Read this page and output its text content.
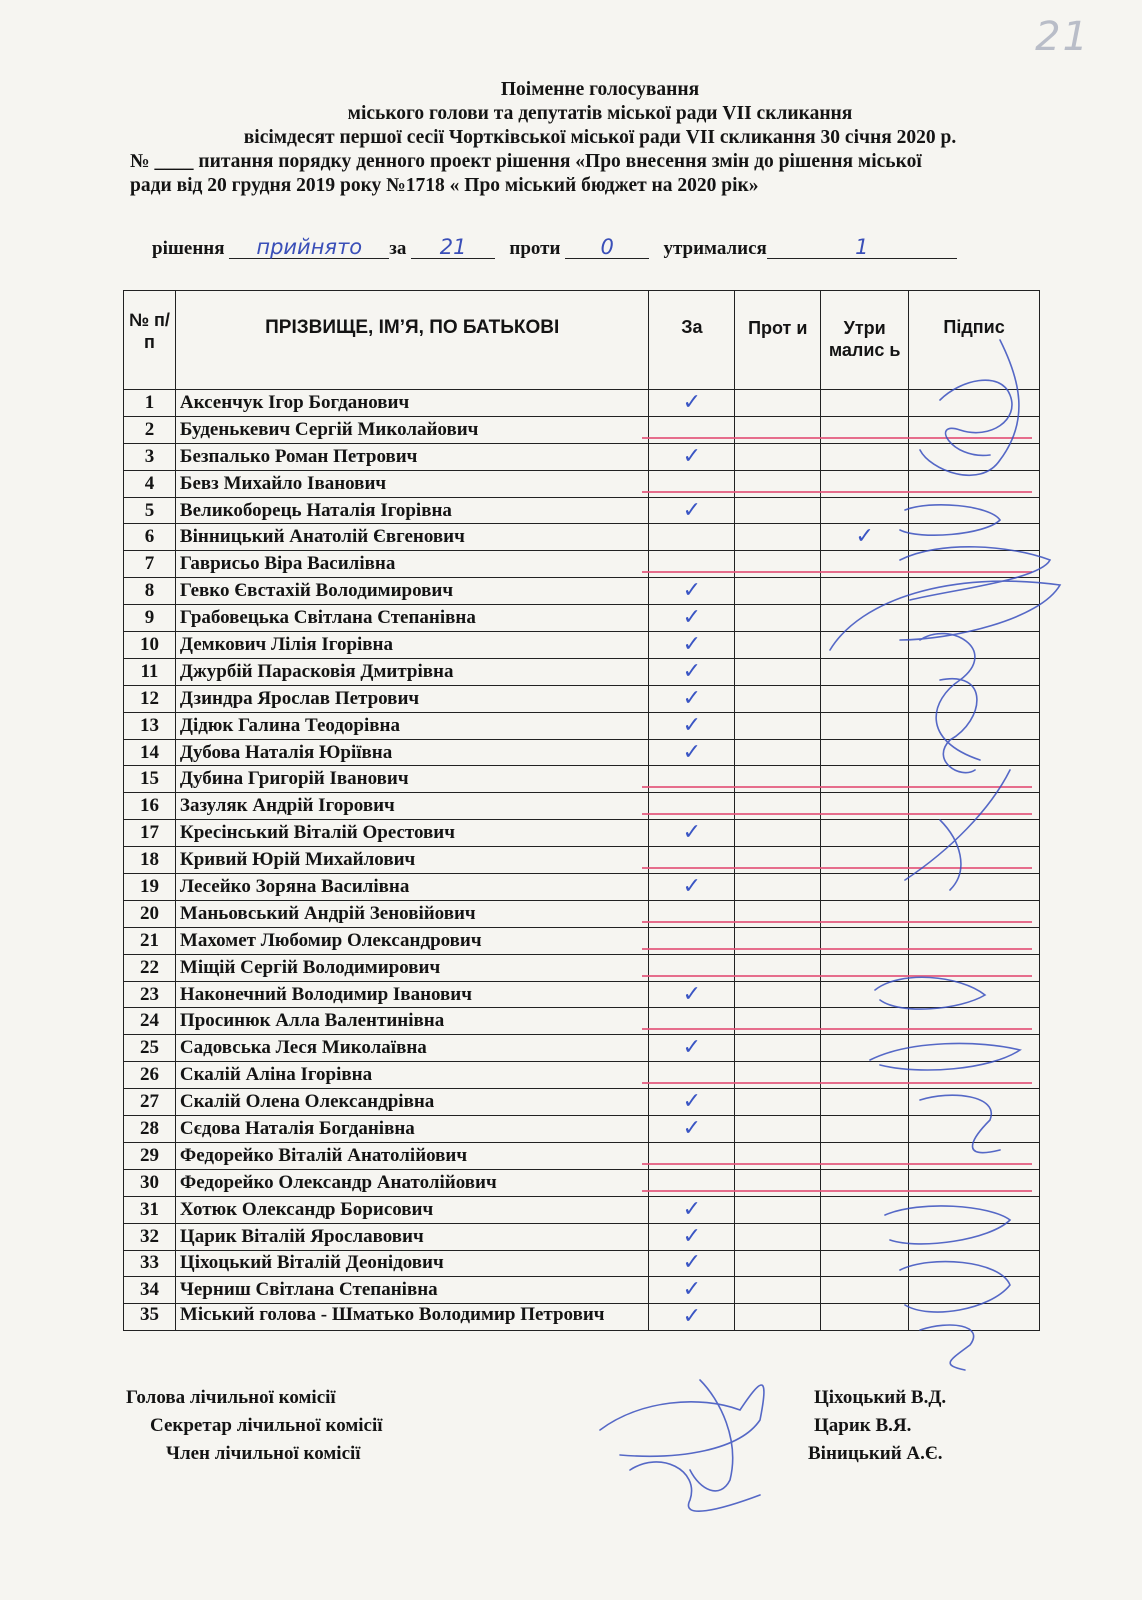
21
Поіменне голосування
міського голови та депутатів міської ради VII скликання
вісімдесят першої сесії Чортківської міської ради VII скликання 30 січня 2020 р.
№ ____ питання порядку денного проект рішення «Про внесення змін до рішення міської
ради від 20 грудня 2019 року №1718 « Про міський бюджет на 2020 рік»
рішення прийнято за 21 проти 0	утрималися	1
№ п/п	ПРІЗВИЩЕ, ІМ’Я, ПО БАТЬКОВІ	За	Прот и	Утри малис ь	Підпис
1	Аксенчук Ігор Богданович	✓			
2	Буденькевич Сергій Миколайович				
3	Безпалько Роман Петрович	✓			
4	Бевз Михайло Іванович				
5	Великоборець Наталія Ігорівна	✓			
6	Вінницький Анатолій Євгенович			✓	
7	Гаврисьо Віра Василівна				
8	Гевко Євстахій Володимирович	✓			
9	Грабовецька Світлана Степанівна	✓			
10	Демкович Лілія Ігорівна	✓			
11	Джурбій Парасковія Дмитрівна	✓			
12	Дзиндра Ярослав Петрович	✓			
13	Дідюк Галина Теодорівна	✓			
14	Дубова Наталія Юріївна	✓			
15	Дубина Григорій Іванович				
16	Зазуляк Андрій Ігорович				
17	Кресінський Віталій Орестович	✓			
18	Кривий Юрій Михайлович				
19	Лесейко Зоряна Василівна	✓			
20	Маньовський Андрій Зеновійович				
21	Махомет Любомир Олександрович				
22	Міщій Сергій Володимирович				
23	Наконечний Володимир Іванович	✓			
24	Просинюк Алла Валентинівна				
25	Садовська Леся Миколаївна	✓			
26	Скалій Аліна Ігорівна				
27	Скалій Олена Олександрівна	✓			
28	Сєдова Наталія Богданівна	✓			
29	Федорейко Віталій Анатолійович				
30	Федорейко Олександр Анатолійович				
31	Хотюк Олександр Борисович	✓			
32	Царик Віталій Ярославович	✓			
33	Ціхоцький Віталій Деонідович	✓			
34	Черниш Світлана Степанівна	✓			
35	Міський голова - Шматько Володимир Петрович	✓			
Голова лічильної комісії
Секретар лічильної комісії
Член лічильної комісії
Ціхоцький В.Д.
Царик В.Я.
Віницький А.Є.
